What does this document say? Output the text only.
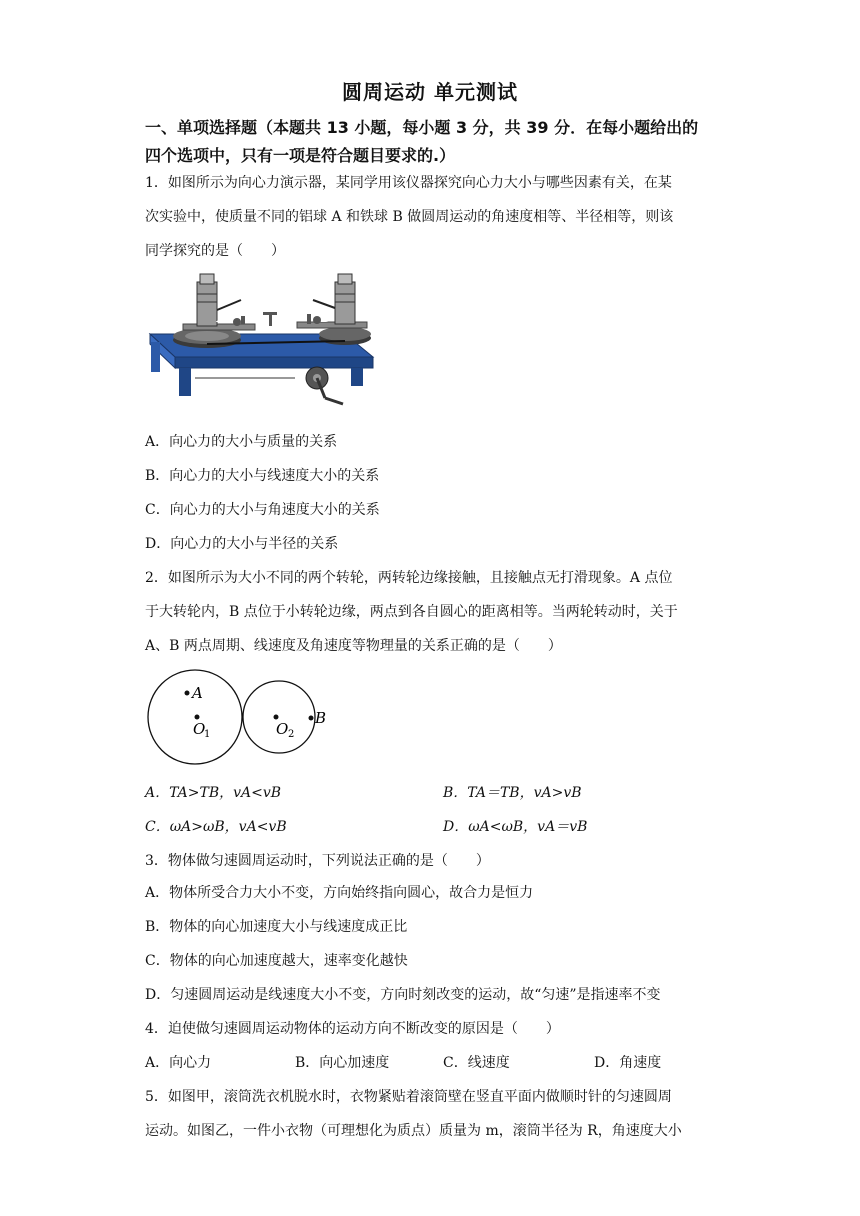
圆周运动 单元测试
一、单项选择题（本题共 13 小题，每小题 3 分，共 39 分．在每小题给出的
四个选项中，只有一项是符合题目要求的.）
1．如图所示为向心力演示器，某同学用该仪器探究向心力大小与哪些因素有关，在某
次实验中，使质量不同的铝球 A 和铁球 B 做圆周运动的角速度相等、半径相等，则该
同学探究的是（　　）
A	B
A．向心力的大小与质量的关系
B．向心力的大小与线速度大小的关系
C．向心力的大小与角速度大小的关系
D．向心力的大小与半径的关系
2．如图所示为大小不同的两个转轮，两转轮边缘接触，且接触点无打滑现象。A 点位
于大转轮内，B 点位于小转轮边缘，两点到各自圆心的距离相等。当两轮转动时，关于
A、B 两点周期、线速度及角速度等物理量的关系正确的是（　　）
A
O
1	O 2
B
A．TA>TB，vA<vB	B．TA＝TB，vA>vB
C．ωA>ωB，vA<vB	D．ωA<ωB，vA＝vB
3．物体做匀速圆周运动时，下列说法正确的是（　　）
A．物体所受合力大小不变，方向始终指向圆心，故合力是恒力
B．物体的向心加速度大小与线速度成正比
C．物体的向心加速度越大，速率变化越快
D．匀速圆周运动是线速度大小不变，方向时刻改变的运动，故“匀速”是指速率不变
4．迫使做匀速圆周运动物体的运动方向不断改变的原因是（　　）
A．向心力	B．向心加速度	C．线速度	D．角速度
5．如图甲，滚筒洗衣机脱水时，衣物紧贴着滚筒壁在竖直平面内做顺时针的匀速圆周
运动。如图乙，一件小衣物（可理想化为质点）质量为 m，滚筒半径为 R，角速度大小
